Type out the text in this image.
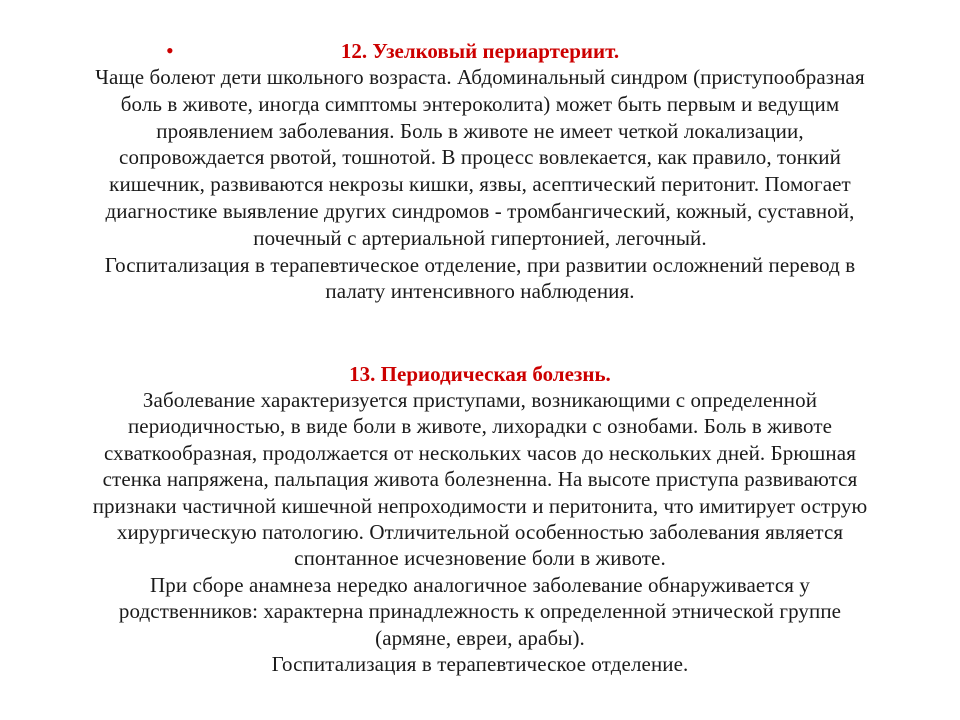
•	12. Узелковый периартериит.
Чаще болеют дети школьного возраста. Абдоминальный синдром (приступообразная
боль в животе, иногда симптомы энтероколита) может быть первым и ведущим
проявлением заболевания. Боль в животе не имеет четкой локализации,
сопровождается рвотой, тошнотой. В процесс вовлекается, как правило, тонкий
кишечник, развиваются некрозы кишки, язвы, асептический перитонит. Помогает
диагностике выявление других синдромов - тромбангический, кожный, суставной,
почечный с артериальной гипертонией, легочный.
Госпитализация в терапевтическое отделение, при развитии осложнений перевод в
палату интенсивного наблюдения.
13. Периодическая болезнь.
Заболевание характеризуется приступами, возникающими с определенной
периодичностью, в виде боли в животе, лихорадки с ознобами. Боль в животе
схваткообразная, продолжается от нескольких часов до нескольких дней. Брюшная
стенка напряжена, пальпация живота болезненна. На высоте приступа развиваются
признаки частичной кишечной непроходимости и перитонита, что имитирует острую
хирургическую патологию. Отличительной особенностью заболевания является
спонтанное исчезновение боли в животе.
При сборе анамнеза нередко аналогичное заболевание обнаруживается у
родственников: характерна принадлежность к определенной этнической группе
(армяне, евреи, арабы).
Госпитализация в терапевтическое отделение.
